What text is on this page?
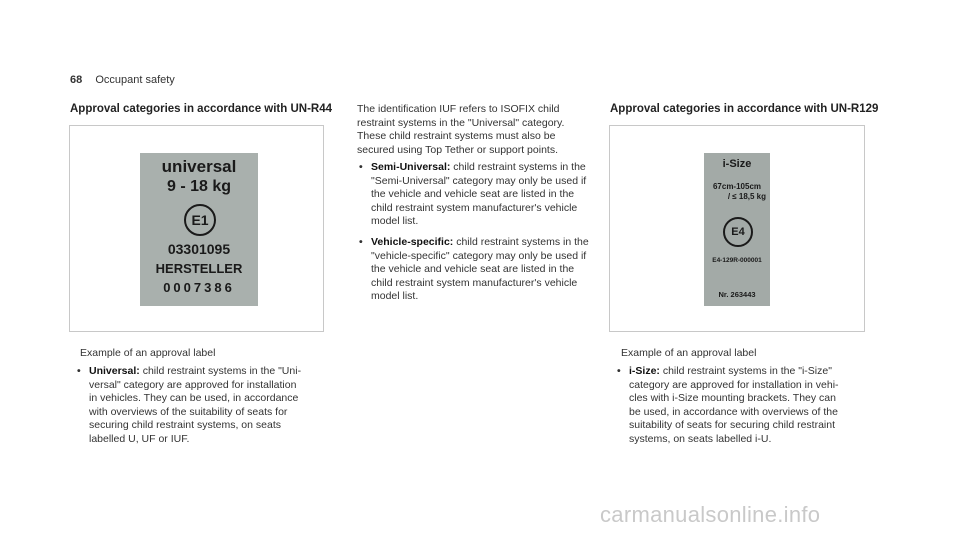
68 Occupant safety
Approval categories in accordance with UN-R44
universal
9 - 18 kg
E1
03301095
HERSTELLER
0007386
Example of an approval label
• Universal: child restraint systems in the "Uni-
versal" category are approved for installation
in vehicles. They can be used, in accordance
with overviews of the suitability of seats for
securing child restraint systems, on seats
labelled U, UF or IUF.
The identification IUF refers to ISOFIX child
restraint systems in the "Universal" category.
These child restraint systems must also be
secured using Top Tether or support points.
• Semi-Universal: child restraint systems in the
"Semi-Universal" category may only be used if
the vehicle and vehicle seat are listed in the
child restraint system manufacturer's vehicle
model list.
• Vehicle-specific: child restraint systems in the
"vehicle-specific" category may only be used if
the vehicle and vehicle seat are listed in the
child restraint system manufacturer's vehicle
model list.
Approval categories in accordance with UN-R129
i-Size
67cm-105cm
/ ≤ 18,5 kg
E4
E4-129R-000001
Nr. 263443
Example of an approval label
• i-Size: child restraint systems in the "i-Size"
category are approved for installation in vehi-
cles with i-Size mounting brackets. They can
be used, in accordance with overviews of the
suitability of seats for securing child restraint
systems, on seats labelled i-U.
carmanualsonline.info
